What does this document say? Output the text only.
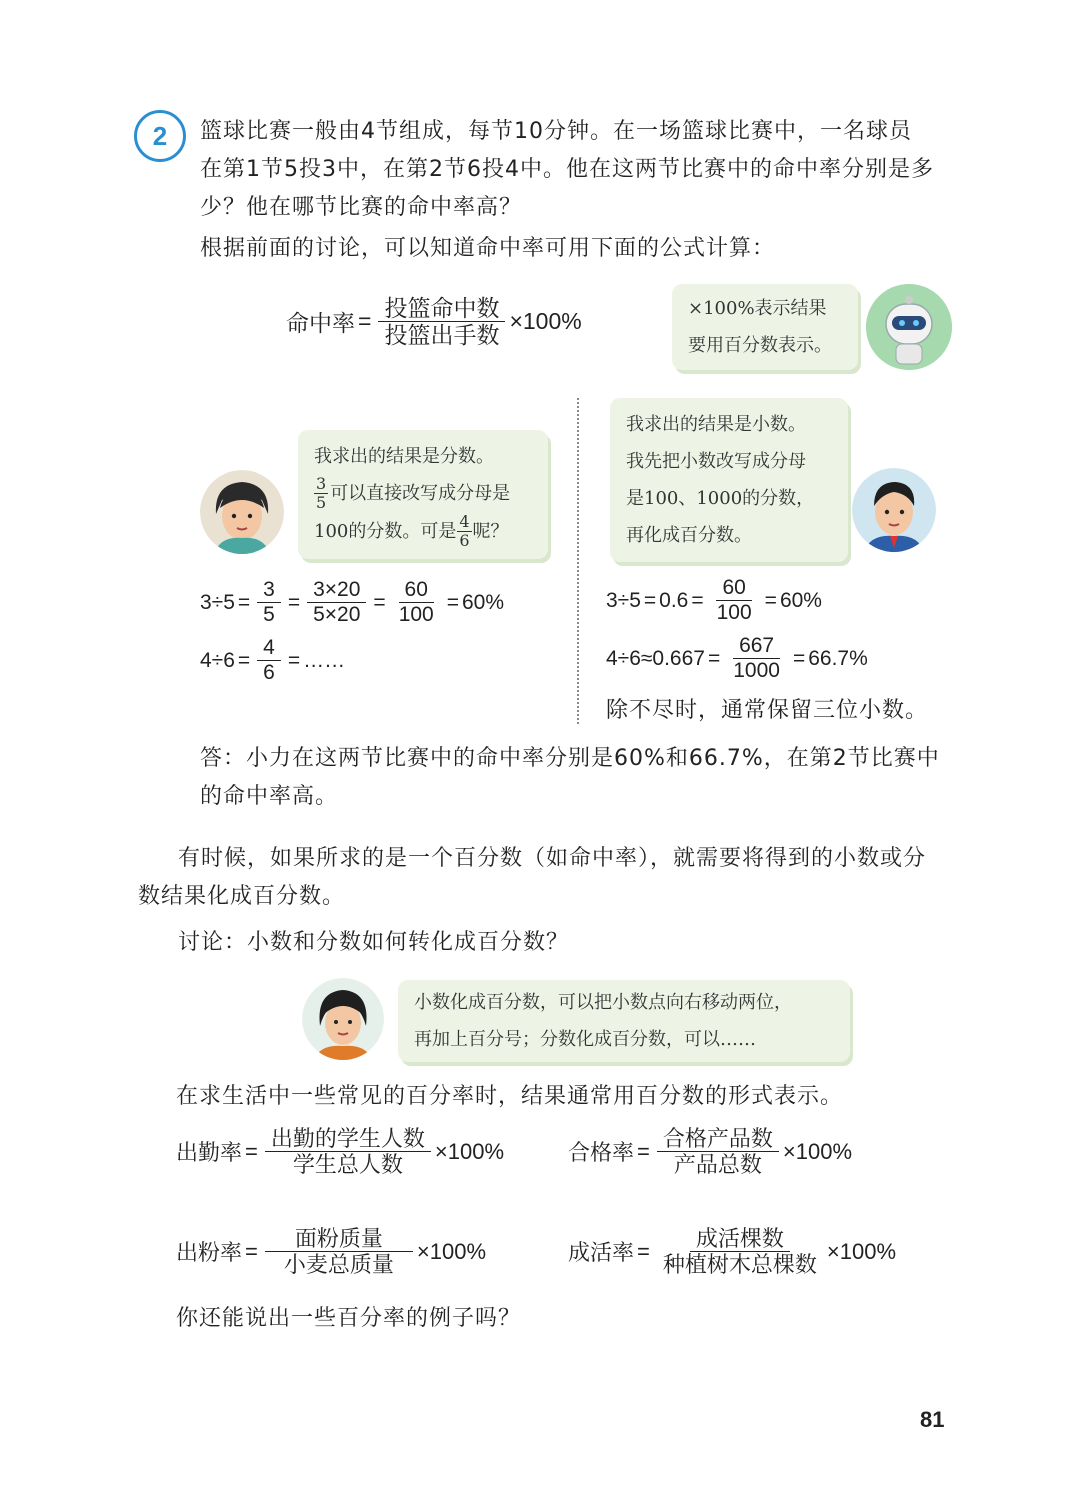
2	篮球比赛一般由4节组成，每节10分钟。在一场篮球比赛中，一名球员
在第1节5投3中，在第2节6投4中。他在这两节比赛中的命中率分别是多
少？他在哪节比赛的命中率高？
根据前面的讨论，可以知道命中率可用下面的公式计算：
命中率 = $\frac{\text{投篮命中数}}{\text{投篮出手数}} \times 100\%$	×100%表示结果
要用百分数表示。
我求出的结果是分数。
$\frac{3}{5}$ 可以直接改写成分母是
100的分数。可是 $\frac{4}{6}$ 呢？
我求出的结果是小数。
我先把小数改写成分母
是100、1000的分数，
再化成百分数。
$3\div 5 = \frac{3}{5} = \frac{3\times 20}{5\times 20} = \frac{60}{100} = 60\%$
$4\div 6 = \frac{4}{6}$ = ……
$3\div 5 = 0.6 = \frac{60}{100} = 60\%$
$4\div 6 \approx 0.667 = \frac{667}{1000} = 66.7\%$
除不尽时，通常保留三位小数。
答：小力在这两节比赛中的命中率分别是60%和66.7%，在第2节比赛中
的命中率高。
有时候，如果所求的是一个百分数（如命中率），就需要将得到的小数或分
数结果化成百分数。
讨论：小数和分数如何转化成百分数？
小数化成百分数，可以把小数点向右移动两位，
再加上百分号；分数化成百分数，可以……
在求生活中一些常见的百分率时，结果通常用百分数的形式表示。
出勤率 = $\frac{\text{出勤的学生人数}}{\text{学生总人数}} \times 100\%$	合格率 = $\frac{\text{合格产品数}}{\text{产品总数}} \times 100\%$
出粉率 = $\frac{\text{面粉质量}}{\text{小麦总质量}} \times 100\%$	成活率 = $\frac{\text{成活棵数}}{\text{种植树木总棵数}} \times 100\%$
你还能说出一些百分率的例子吗？
81
